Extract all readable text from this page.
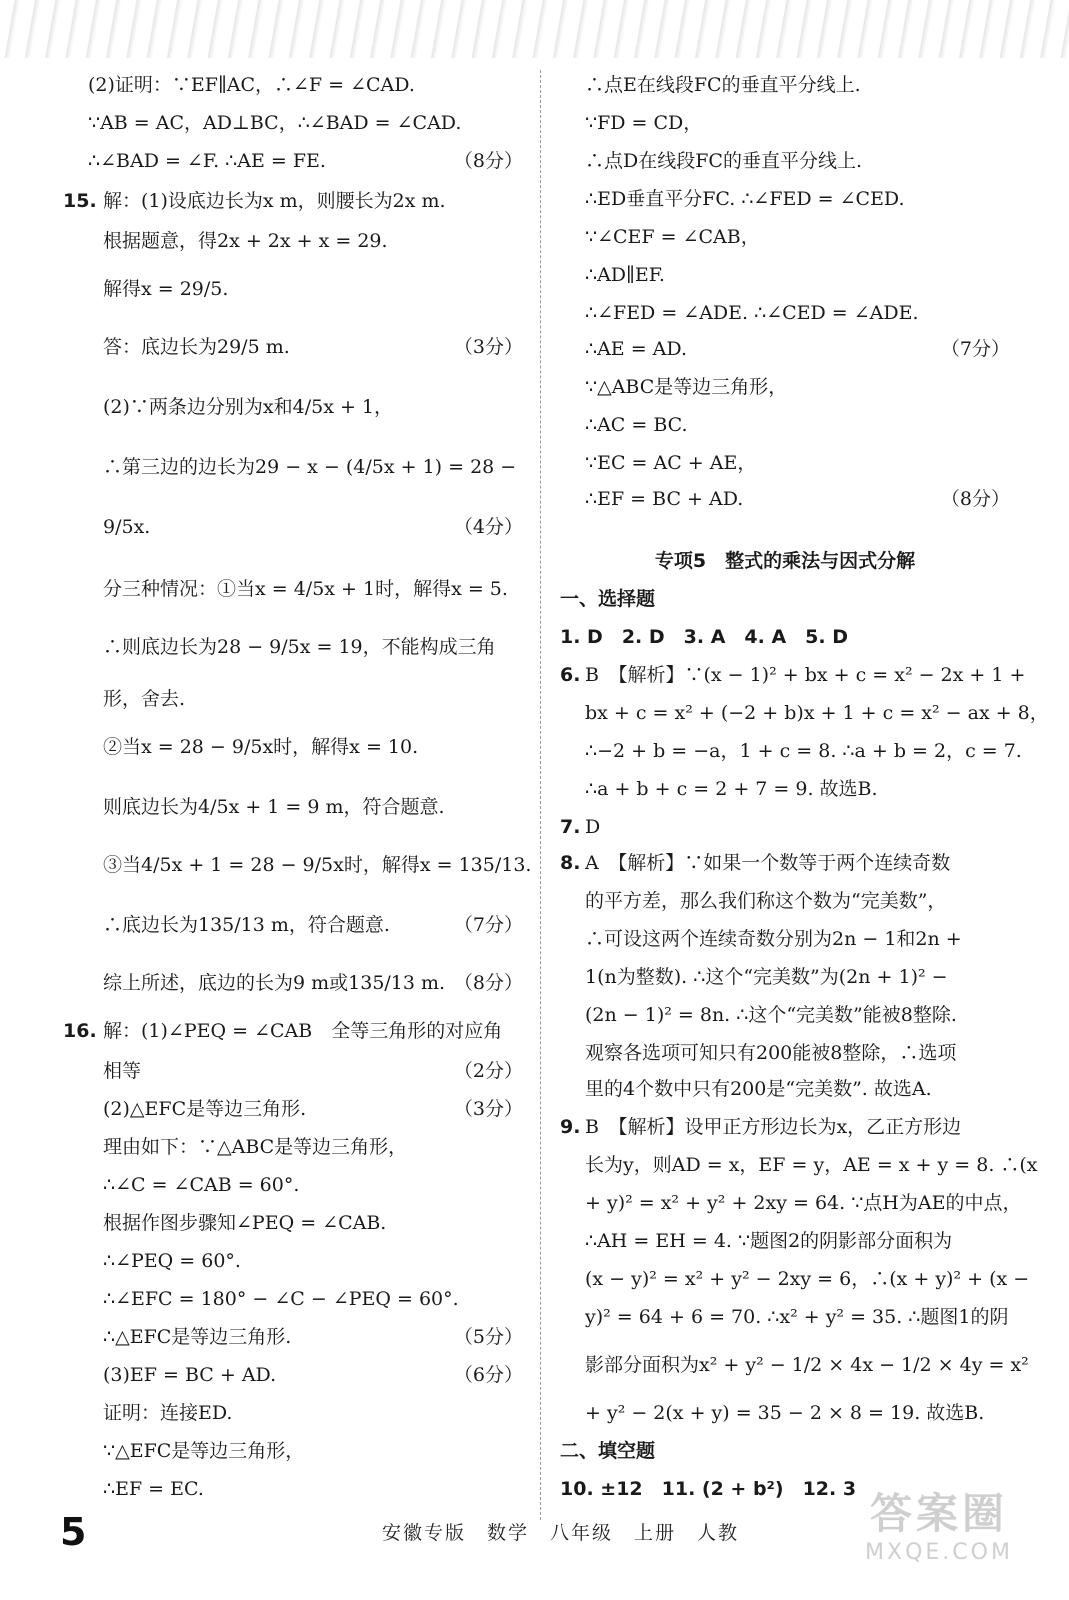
(2)证明：∵EF∥AC，∴∠F = ∠CAD.
∵AB = AC，AD⊥BC，∴∠BAD = ∠CAD.
∴∠BAD = ∠F. ∴AE = FE.	（8分）
15. 解：(1)设底边长为x m，则腰长为2x m.
根据题意，得2x + 2x + x = 29.
解得x = 29/5.
答：底边长为29/5 m.	（3分）
(2)∵两条边分别为x和4/5x + 1，
∴第三边的边长为29 − x − (4/5x + 1) = 28 −
9/5x.	（4分）
分三种情况：①当x = 4/5x + 1时，解得x = 5.
∴则底边长为28 − 9/5x = 19，不能构成三角
形，舍去.
②当x = 28 − 9/5x时，解得x = 10.
则底边长为4/5x + 1 = 9 m，符合题意.
③当4/5x + 1 = 28 − 9/5x时，解得x = 135/13.
∴底边长为135/13 m，符合题意.	（7分）
综上所述，底边的长为9 m或135/13 m. （8分）
16. 解：(1)∠PEQ = ∠CAB　全等三角形的对应角
相等	（2分）
(2)△EFC是等边三角形.	（3分）
理由如下：∵△ABC是等边三角形，
∴∠C = ∠CAB = 60°.
根据作图步骤知∠PEQ = ∠CAB.
∴∠PEQ = 60°.
∴∠EFC = 180° − ∠C − ∠PEQ = 60°.
∴△EFC是等边三角形.	（5分）
(3)EF = BC + AD.	（6分）
证明：连接ED.
∵△EFC是等边三角形，
∴EF = EC.
∴点E在线段FC的垂直平分线上.
∵FD = CD，
∴点D在线段FC的垂直平分线上.
∴ED垂直平分FC. ∴∠FED = ∠CED.
∵∠CEF = ∠CAB，
∴AD∥EF.
∴∠FED = ∠ADE. ∴∠CED = ∠ADE.
∴AE = AD.	（7分）
∵△ABC是等边三角形，
∴AC = BC.
∵EC = AC + AE，
∴EF = BC + AD.	（8分）
专项5　整式的乘法与因式分解
一、选择题
1. D　2. D　3. A　4. A　5. D
6. B　【解析】∵(x − 1)² + bx + c = x² − 2x + 1 +
bx + c = x² + (−2 + b)x + 1 + c = x² − ax + 8，
∴−2 + b = −a，1 + c = 8. ∴a + b = 2，c = 7.
∴a + b + c = 2 + 7 = 9. 故选B.
7. D
8. A　【解析】∵如果一个数等于两个连续奇数
的平方差，那么我们称这个数为“完美数”，
∴可设这两个连续奇数分别为2n − 1和2n +
1(n为整数). ∴这个“完美数”为(2n + 1)² −
(2n − 1)² = 8n. ∴这个“完美数”能被8整除.
观察各选项可知只有200能被8整除，∴选项
里的4个数中只有200是“完美数”. 故选A.
9. B　【解析】设甲正方形边长为x，乙正方形边
长为y，则AD = x，EF = y，AE = x + y = 8. ∴(x
+ y)² = x² + y² + 2xy = 64. ∵点H为AE的中点，
∴AH = EH = 4. ∵题图2的阴影部分面积为
(x − y)² = x² + y² − 2xy = 6，∴(x + y)² + (x −
y)² = 64 + 6 = 70. ∴x² + y² = 35. ∴题图1的阴
影部分面积为x² + y² − 1/2 × 4x − 1/2 × 4y = x²
+ y² − 2(x + y) = 35 − 2 × 8 = 19. 故选B.
二、填空题
10. ±12　11. (2 + b²)　12. 3
5	安徽专版　数学　八年级　上册　人教	答案圈
MXQE.COM
